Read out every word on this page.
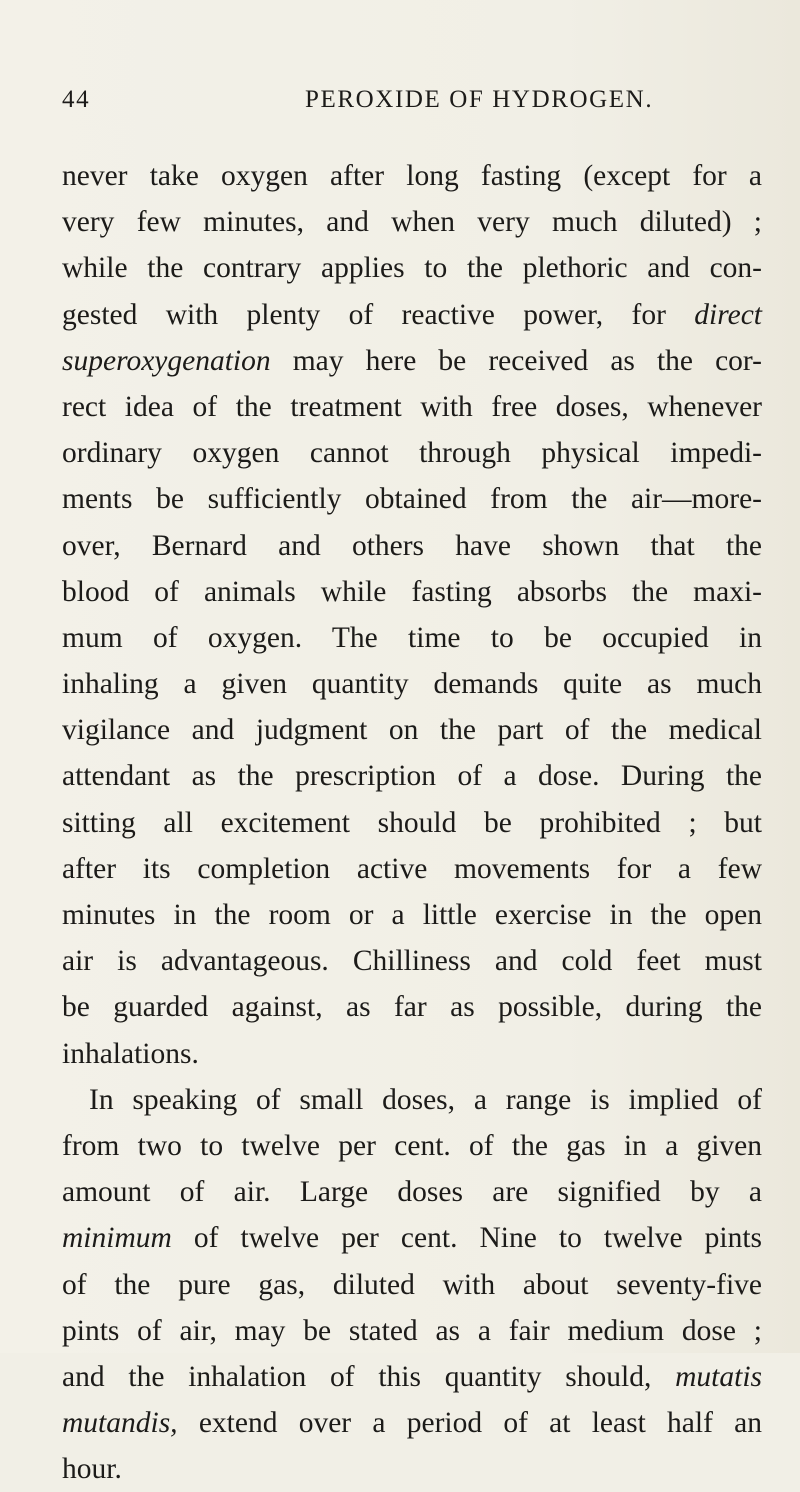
44	PEROXIDE OF HYDROGEN.
never take oxygen after long fasting (except for a
very few minutes, and when very much diluted) ;
while the contrary applies to the plethoric and con-
gested with plenty of reactive power, for direct
superoxygenation may here be received as the cor-
rect idea of the treatment with free doses, whenever
ordinary oxygen cannot through physical impedi-
ments be sufficiently obtained from the air—more-
over, Bernard and others have shown that the
blood of animals while fasting absorbs the maxi-
mum of oxygen. The time to be occupied in
inhaling a given quantity demands quite as much
vigilance and judgment on the part of the medical
attendant as the prescription of a dose. During the
sitting all excitement should be prohibited ; but
after its completion active movements for a few
minutes in the room or a little exercise in the open
air is advantageous. Chilliness and cold feet must
be guarded against, as far as possible, during the
inhalations.
In speaking of small doses, a range is implied of
from two to twelve per cent. of the gas in a given
amount of air. Large doses are signified by a
minimum of twelve per cent. Nine to twelve pints
of the pure gas, diluted with about seventy-five
pints of air, may be stated as a fair medium dose ;
and the inhalation of this quantity should, mutatis
mutandis, extend over a period of at least half an
hour.
